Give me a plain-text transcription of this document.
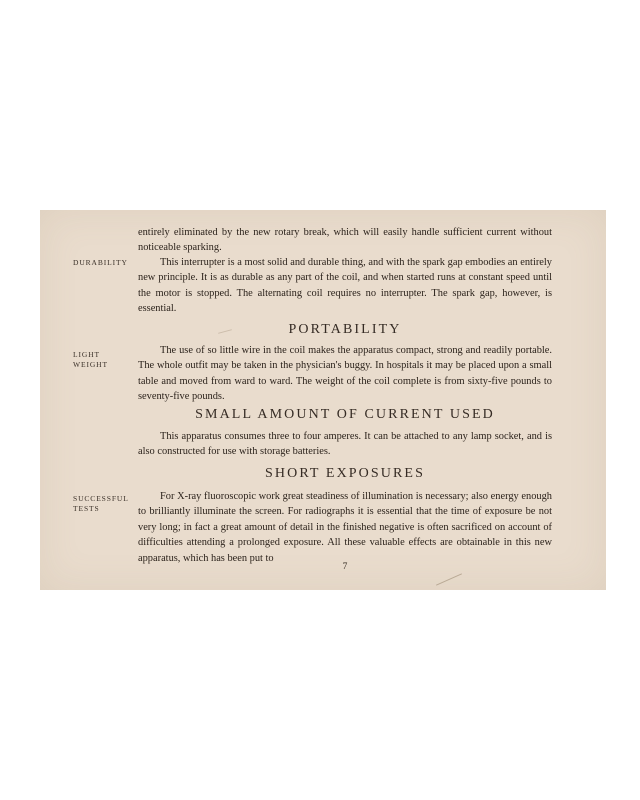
entirely eliminated by the new rotary break, which will easily handle sufficient current without noticeable sparking.

DURABILITY	This interrupter is a most solid and durable thing, and with the spark gap embodies an entirely new principle. It is as durable as any part of the coil, and when started runs at constant speed until the motor is stopped. The alternating coil requires no interrupter. The spark gap, however, is essential.

PORTABILITY
LIGHT
WEIGHT

The use of so little wire in the coil makes the apparatus compact, strong and readily portable. The whole outfit may be taken in the physician's buggy. In hospitals it may be placed upon a small table and moved from ward to ward. The weight of the coil complete is from sixty-five pounds to seventy-five pounds.

SMALL AMOUNT OF CURRENT USED

This apparatus consumes three to four amperes. It can be attached to any lamp socket, and is also constructed for use with storage batteries.

SHORT EXPOSURES
SUCCESSFUL
TESTS

For X-ray fluoroscopic work great steadiness of illumination is necessary; also energy enough to brilliantly illuminate the screen. For radiographs it is essential that the time of exposure be not very long; in fact a great amount of detail in the finished negative is often sacrificed on account of difficulties attending a prolonged exposure. All these valuable effects are obtainable in this new apparatus, which has been put to

7
